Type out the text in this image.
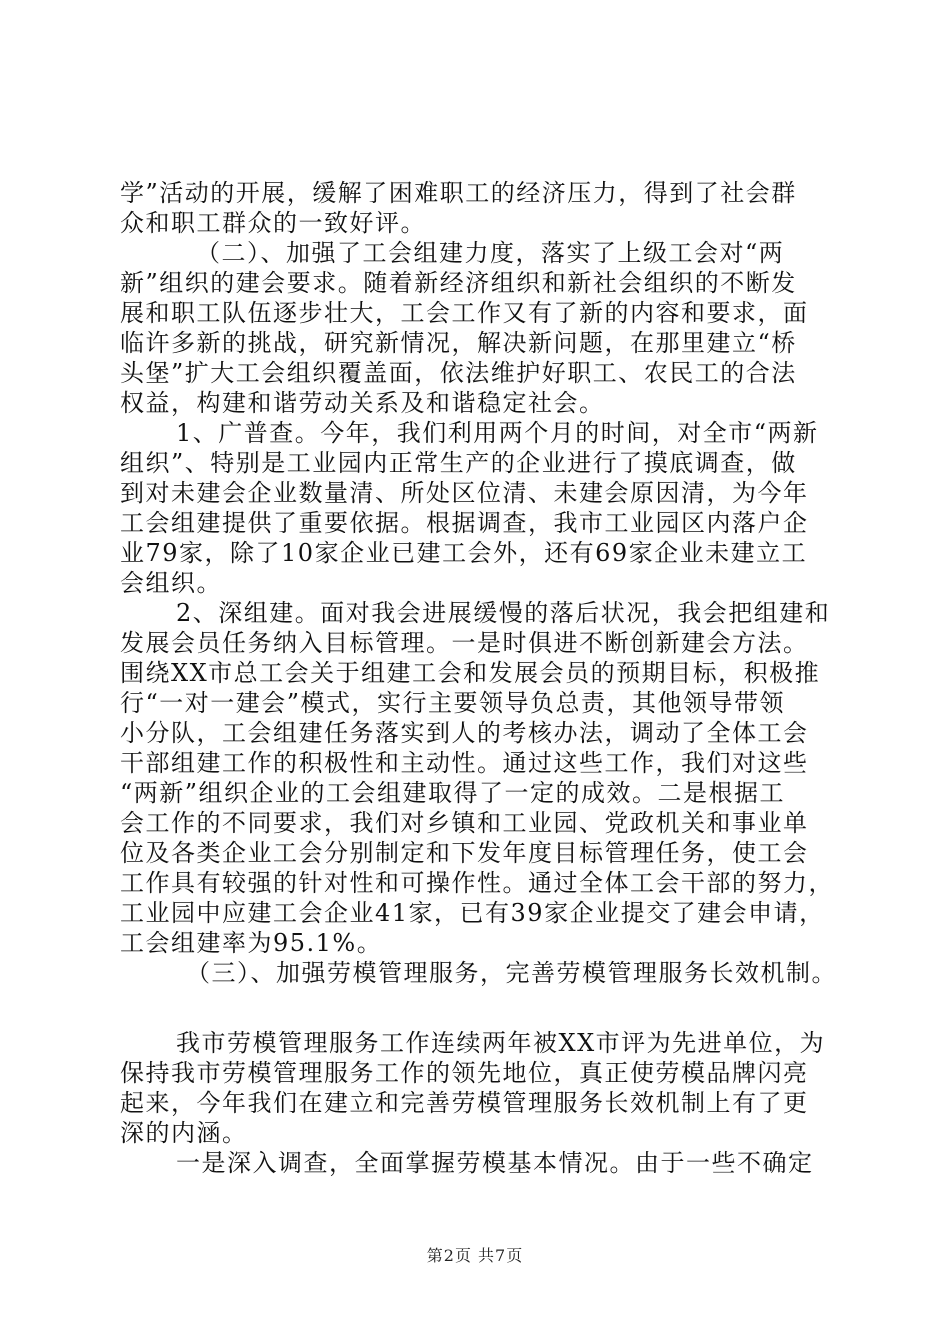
学”活动的开展，缓解了困难职工的经济压力，得到了社会群
众和职工群众的一致好评。
（二）、加强了工会组建力度，落实了上级工会对“两
新”组织的建会要求。随着新经济组织和新社会组织的不断发
展和职工队伍逐步壮大，工会工作又有了新的内容和要求，面
临许多新的挑战，研究新情况，解决新问题，在那里建立“桥
头堡”扩大工会组织覆盖面，依法维护好职工、农民工的合法
权益，构建和谐劳动关系及和谐稳定社会。
1、广普查。今年，我们利用两个月的时间，对全市“两新
组织”、特别是工业园内正常生产的企业进行了摸底调查，做
到对未建会企业数量清、所处区位清、未建会原因清，为今年
工会组建提供了重要依据。根据调查，我市工业园区内落户企
业79家，除了10家企业已建工会外，还有69家企业未建立工
会组织。
2、深组建。面对我会进展缓慢的落后状况，我会把组建和
发展会员任务纳入目标管理。一是时俱进不断创新建会方法。
围绕XX市总工会关于组建工会和发展会员的预期目标，积极推
行“一对一建会”模式，实行主要领导负总责，其他领导带领
小分队，工会组建任务落实到人的考核办法，调动了全体工会
干部组建工作的积极性和主动性。通过这些工作，我们对这些
“两新”组织企业的工会组建取得了一定的成效。二是根据工
会工作的不同要求，我们对乡镇和工业园、党政机关和事业单
位及各类企业工会分别制定和下发年度目标管理任务，使工会
工作具有较强的针对性和可操作性。通过全体工会干部的努力，
工业园中应建工会企业41家，已有39家企业提交了建会申请，
工会组建率为95.1%。
（三）、加强劳模管理服务，完善劳模管理服务长效机制。
我市劳模管理服务工作连续两年被XX市评为先进单位，为
保持我市劳模管理服务工作的领先地位，真正使劳模品牌闪亮
起来，今年我们在建立和完善劳模管理服务长效机制上有了更
深的内涵。
一是深入调查，全面掌握劳模基本情况。由于一些不确定
第2页 共7页
